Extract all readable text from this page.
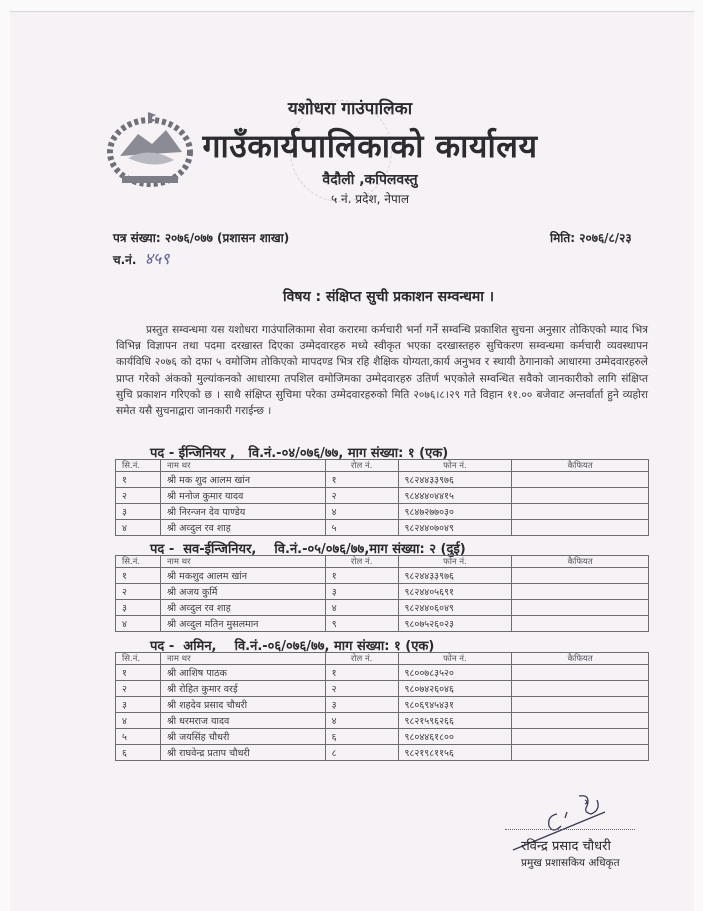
यशोधरा गाउंपालिका
गाउँकार्यपालिकाको कार्यालय
वैदौली ,कपिलवस्तु
५ नं. प्रदेश, नेपाल
पत्र संख्या: २०७६/०७७ (प्रशासन शाखा)
च.नं. ४५९
मिति: २०७६/८/२३
विषय : संक्षिप्त सुची प्रकाशन सम्वन्धमा ।
प्रस्तुत सम्वन्धमा यस यशोधरा गाउंपालिकामा सेवा करारमा कर्मचारी भर्ना गर्ने सम्वन्धि प्रकाशित सुचना अनुसार तोकिएको म्याद भित्र विभिन्न विज्ञापन तथा पदमा दरखास्त दिएका उम्मेदवारहरु मध्ये स्वीकृत भएका दरखास्तहरु सुचिकरण सम्वन्धमा कर्मचारी व्यवस्थापन कार्यविधि २०७६ को दफा ५ वमोजिम तोकिएको मापदण्ड भित्र रहि शैक्षिक योग्यता,कार्य अनुभव र स्थायी ठेगानाको आधारमा उम्मेदवारहरुले प्राप्त गरेको अंकको मुल्यांकनको आधारमा तपशिल वमोजिमका उम्मेदवारहरु उतिर्ण भएकोले सम्वन्धित सवैको जानकारीको लागि संक्षिप्त सुचि प्रकाशन गरिएको छ । साथै संक्षिप्त सुचिमा परेका उम्मेदवारहरुको मिति २०७६।८।२९ गते विहान ११.०० बजेवाट अन्तर्वार्ता हुने व्यहोरा समेत यसै सुचनाद्वारा जानकारी गराईन्छ ।
पद - ईन्जिनियर ,   वि.नं.-०४/०७६/७७, माग संख्या: १ (एक)
सि.नं.	नाम थर	रोल नं.	फोन नं.	कैफियत
१	श्री मक शुद आलम खांन	१	९८२४४३३९७६	
२	श्री मनोज कुमार यादव	२	९८४४४०४४१५	
३	श्री निरन्जन देव पाण्डेय	४	९८४७२७७०३०	
४	श्री अव्दुल रव शाह	५	९८२४४०७०४९	
पद -  सव-ईन्जिनियर,    वि.नं.-०५/०७६/७७,माग संख्या: २ (दुई)
सि.नं.	नाम थर	रोल नं.	फोन नं.	कैफियत
१	श्री मकशुद आलम खांन	१	९८२४४३३९७६	
२	श्री अजय कुर्मि	३	९८२४४०५६९१	
३	श्री अव्दुल रव शाह	४	९८२४४०६०४९	
४	श्री अव्दुल मतिन मुसलमान	९	९८०७५२६०२३	
पद -  अमिन,    वि.नं.-०६/०७६/७७, माग संख्या: १ (एक)
सि.नं.	नाम थर	रोल नं.	फोन नं.	कैफियत
१	श्री आशिष पाठक	१	९८००७८३५२०	
२	श्री रोहित कुमार वरई	२	९८०७४२६०४६	
३	श्री शहदेव प्रसाद चौधरी	३	९८०६९४५४३१	
४	श्री धरमराज यादव	४	९८२१५९६२६६	
५	श्री जयसिंह चौधरी	६	९८०४४६१८००	
६	श्री राघवेन्द्र प्रताप चौधरी	८	९८२१९८११५६	
रविन्द्र प्रसाद चौधरी
प्रमुख प्रशासकिय अधिकृत
